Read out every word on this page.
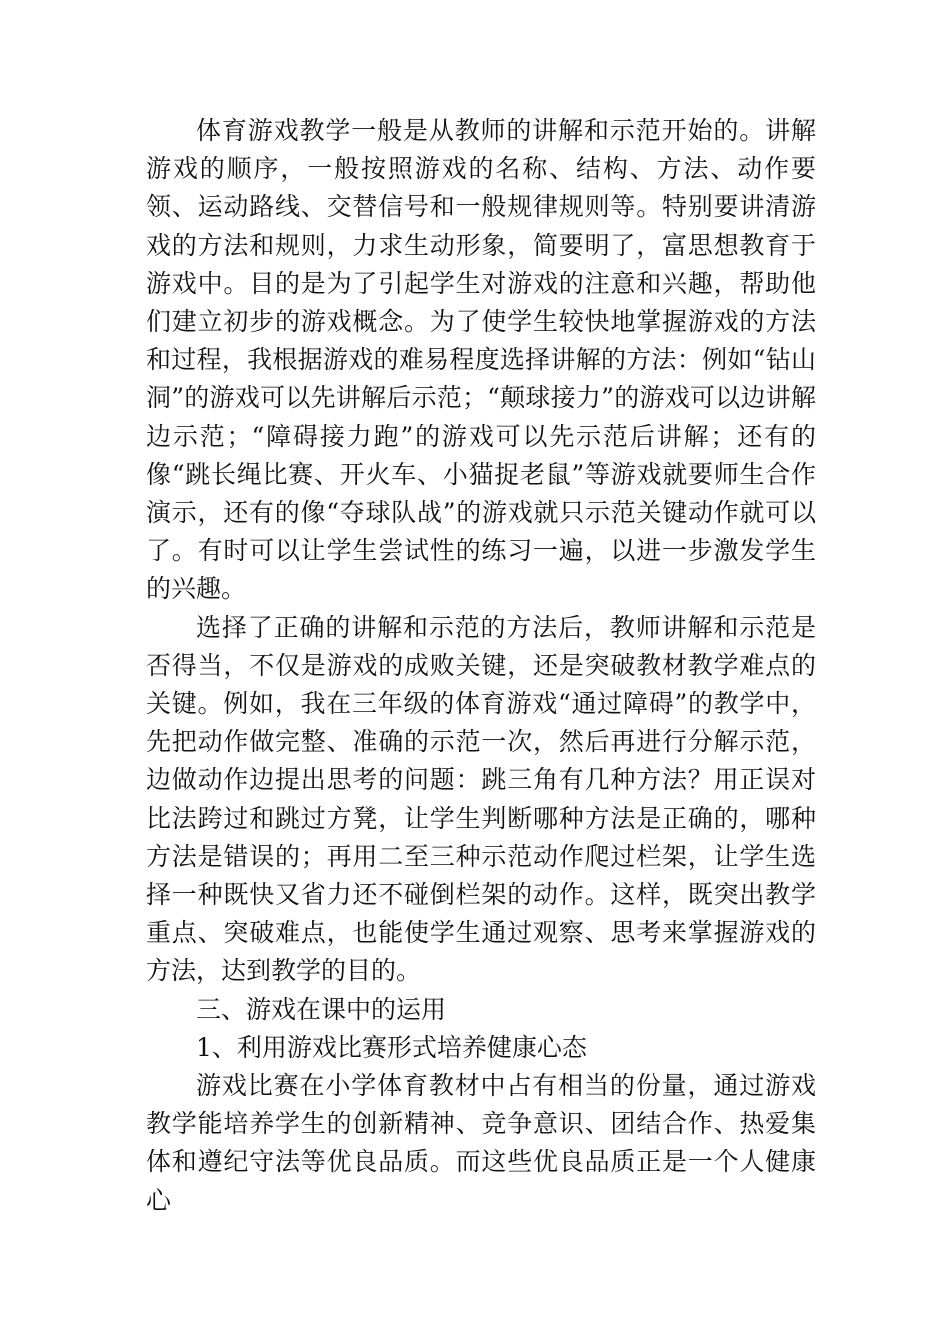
体育游戏教学一般是从教师的讲解和示范开始的。讲解游戏的顺序，一般按照游戏的名称、结构、方法、动作要领、运动路线、交替信号和一般规律规则等。特别要讲清游戏的方法和规则，力求生动形象，简要明了，富思想教育于游戏中。目的是为了引起学生对游戏的注意和兴趣，帮助他们建立初步的游戏概念。为了使学生较快地掌握游戏的方法和过程，我根据游戏的难易程度选择讲解的方法：例如“钻山洞”的游戏可以先讲解后示范；“颠球接力”的游戏可以边讲解边示范；“障碍接力跑”的游戏可以先示范后讲解；还有的像“跳长绳比赛、开火车、小猫捉老鼠”等游戏就要师生合作演示，还有的像“夺球队战”的游戏就只示范关键动作就可以了。有时可以让学生尝试性的练习一遍，以进一步激发学生的兴趣。

选择了正确的讲解和示范的方法后，教师讲解和示范是否得当，不仅是游戏的成败关键，还是突破教材教学难点的关键。例如，我在三年级的体育游戏“通过障碍”的教学中，先把动作做完整、准确的示范一次，然后再进行分解示范，边做动作边提出思考的问题：跳三角有几种方法？用正误对比法跨过和跳过方凳，让学生判断哪种方法是正确的，哪种方法是错误的；再用二至三种示范动作爬过栏架，让学生选择一种既快又省力还不碰倒栏架的动作。这样，既突出教学重点、突破难点，也能使学生通过观察、思考来掌握游戏的方法，达到教学的目的。

三、游戏在课中的运用

1、利用游戏比赛形式培养健康心态

游戏比赛在小学体育教材中占有相当的份量，通过游戏教学能培养学生的创新精神、竞争意识、团结合作、热爱集体和遵纪守法等优良品质。而这些优良品质正是一个人健康心
